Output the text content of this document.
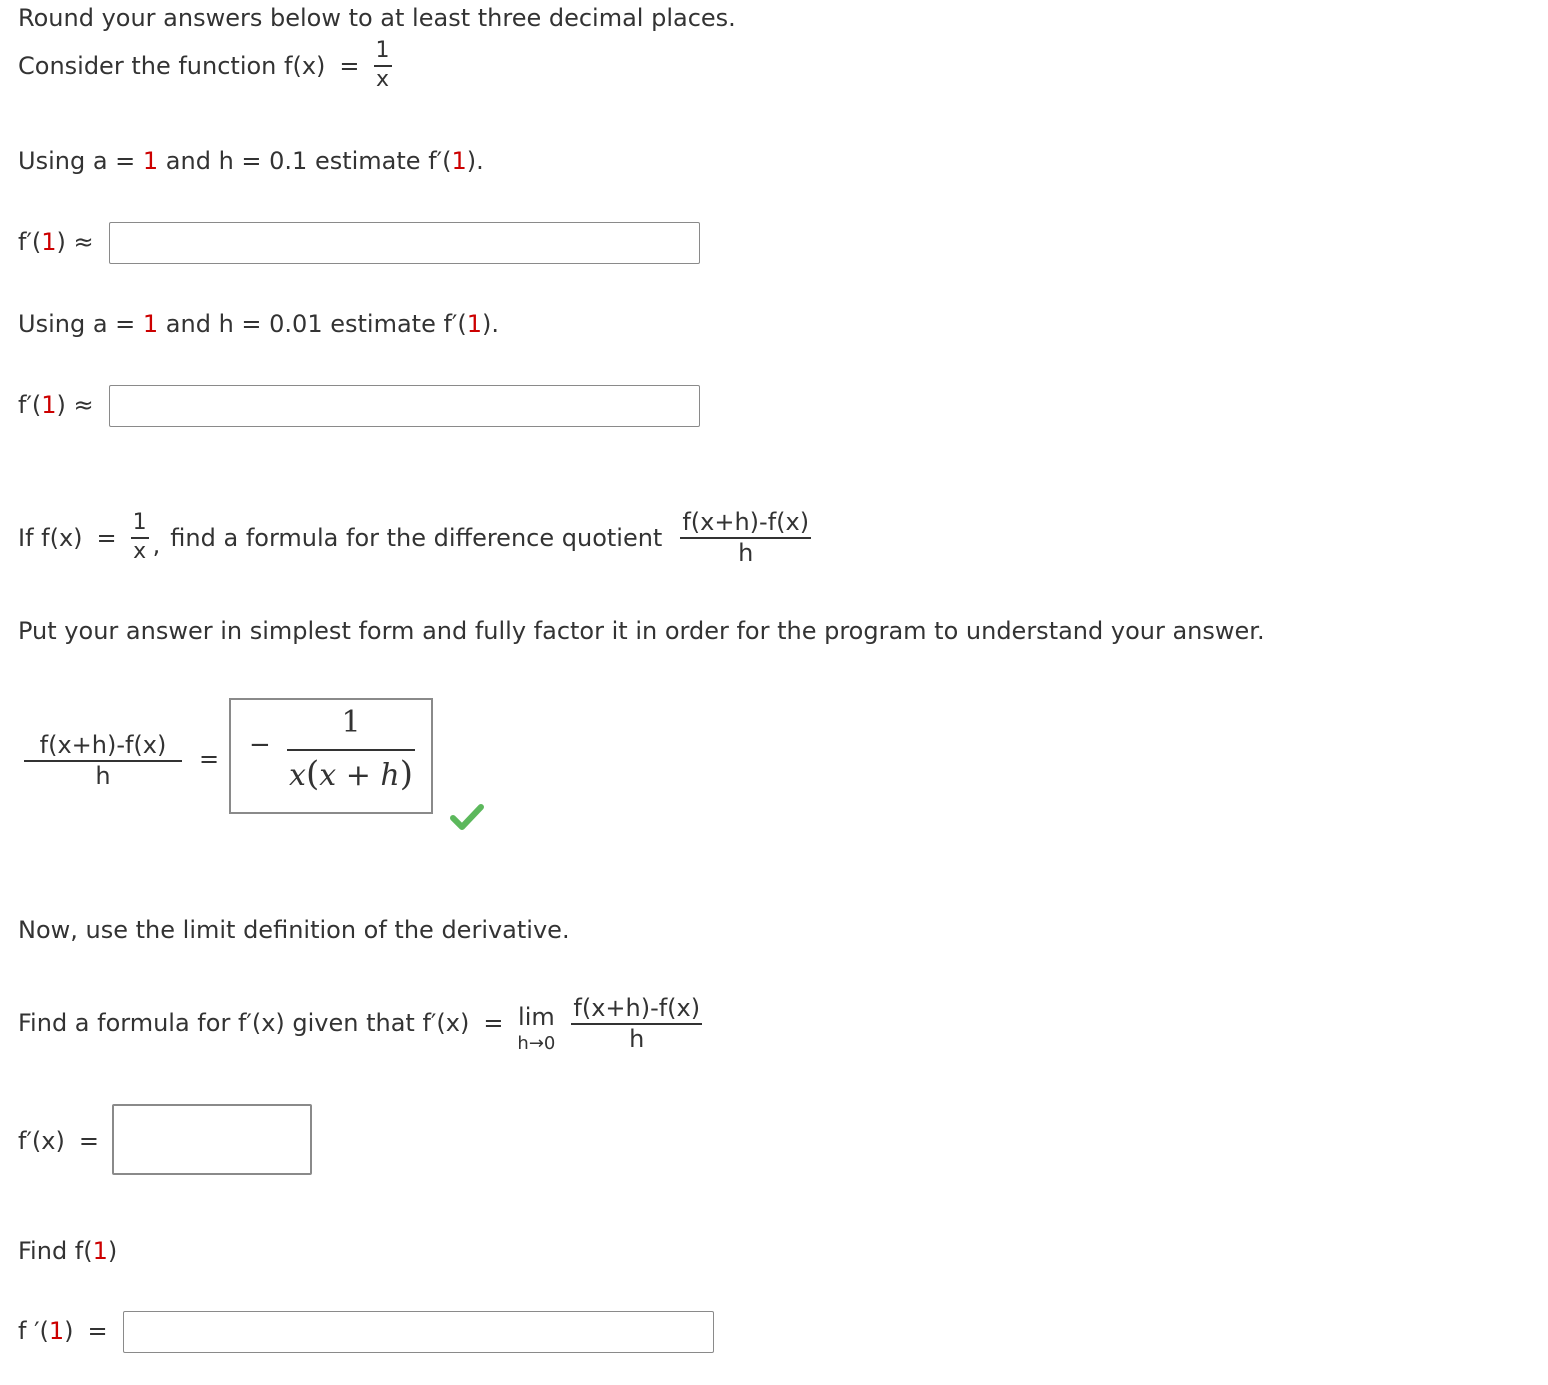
Round your answers below to at least three decimal places.
Consider the function $f(x) = \frac{1}{x}$
Using a = 1 and h = 0.1 estimate f′(1).
f′(1) ≈
Using a = 1 and h = 0.01 estimate f′(1).
f′(1) ≈
If $f(x) = \frac{1}{x}$ , find a formula for the difference quotient $\frac{f(x+h)-f(x)}{h}$
Put your answer in simplest form and fully factor it in order for the program to understand your answer.
$\frac{f(x+h)-f(x)}{h}$ = −
1
x(x + h)
Now, use the limit definition of the derivative.
Find a formula for f′(x) given that f′(x) = lim
$h\to 0 \frac{f(x+h)-f(x)}{h}$
f′(x) =
Find f(1)
f ′(1) =
